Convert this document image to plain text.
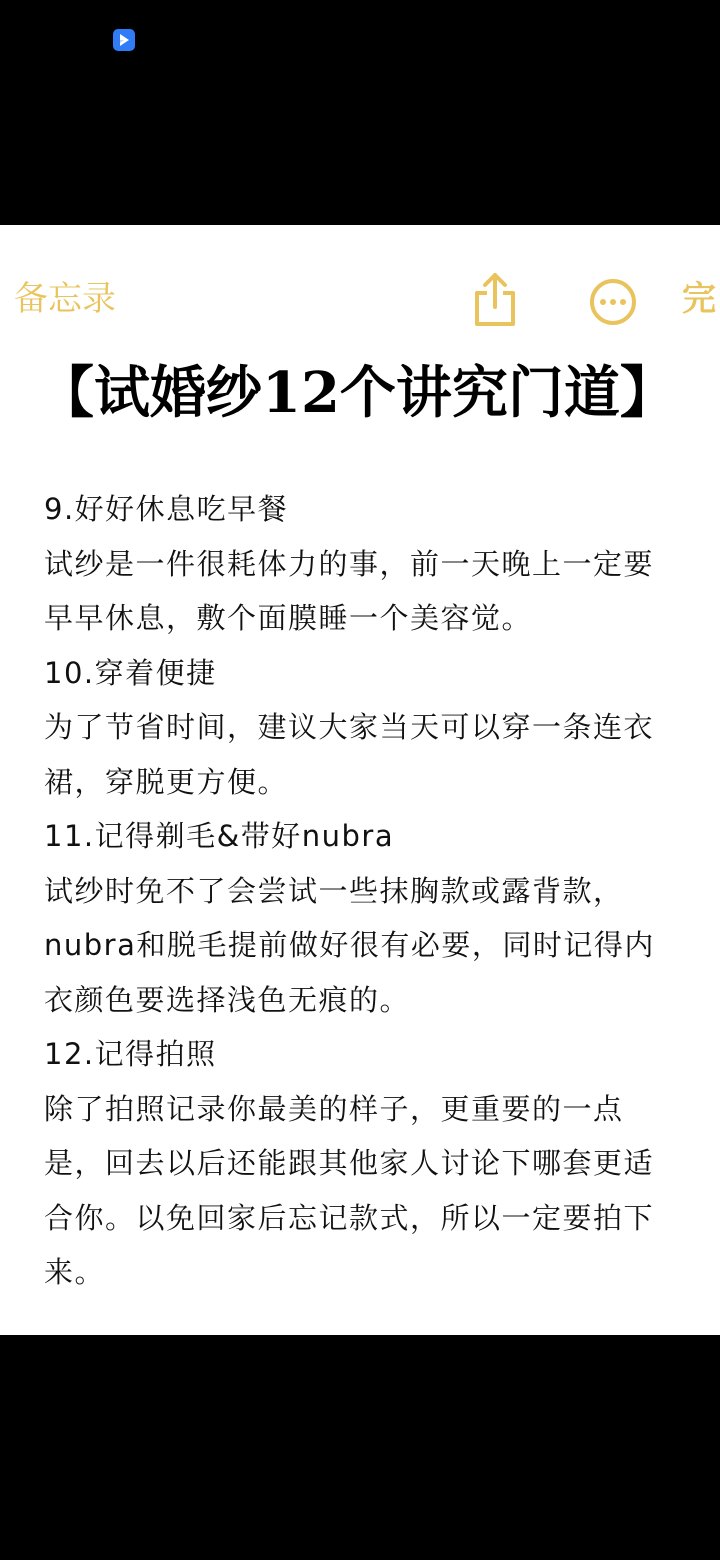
备忘录	完
【试婚纱12个讲究门道】

9.好好休息吃早餐

试纱是一件很耗体力的事，前一天晚上一定要

早早休息，敷个面膜睡一个美容觉。

10.穿着便捷

为了节省时间，建议大家当天可以穿一条连衣

裙，穿脱更方便。

11.记得剃毛&带好nubra

试纱时免不了会尝试一些抹胸款或露背款，

nubra和脱毛提前做好很有必要，同时记得内

衣颜色要选择浅色无痕的。

12.记得拍照

除了拍照记录你最美的样子，更重要的一点

是，回去以后还能跟其他家人讨论下哪套更适

合你。以免回家后忘记款式，所以一定要拍下

来。
